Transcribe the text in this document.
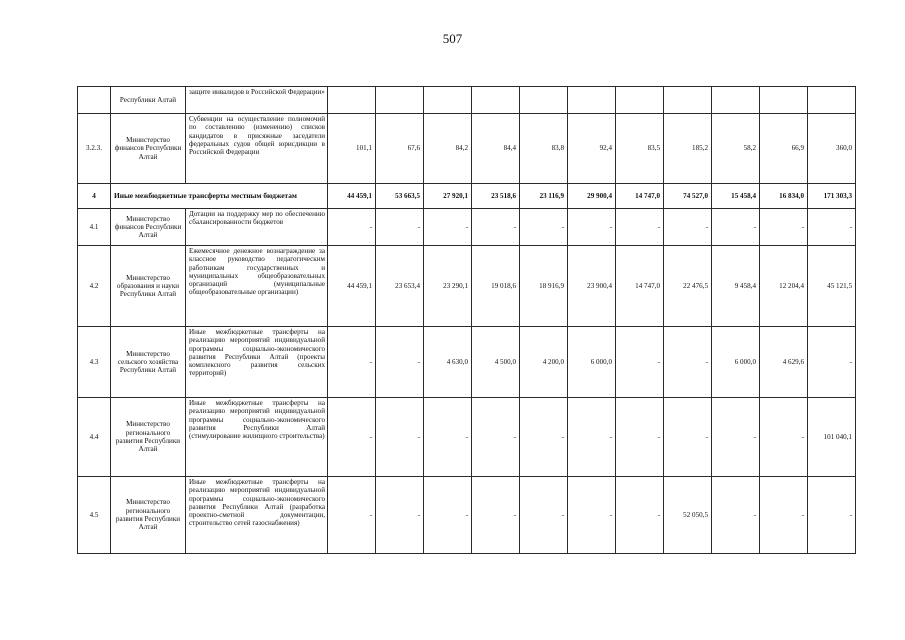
507
	Республики Алтай	защите инвалидов в Российской Федерации»											
3.2.3.	Министерство финансов Республики Алтай	Субвенции на осуществление полномочий по составлению (изменению) списков кандидатов в присяжные заседатели федеральных судов общей юрисдикции в Российской Федерации	101,1	67,6	84,2	84,4	83,8	92,4	83,5	185,2	58,2	66,9	360,0
4	Иные межбюджетные трансферты местным бюджетам		44 459,1	53 663,5	27 920,1	23 518,6	23 116,9	29 900,4	14 747,0	74 527,0	15 458,4	16 834,0	171 303,3
4.1	Министерство финансов Республики Алтай	Дотации на поддержку мер по обеспечению сбалансированности бюджетов	-	-	-	-	-	-	-	-	-	-	-
4.2	Министерство образования и науки Республики Алтай	Ежемесячное денежное вознаграждение за классное руководство педагогическим работникам государственных и муниципальных общеобразовательных организаций (муниципальные общеобразовательные организации)	44 459,1	23 653,4	23 290,1	19 018,6	18 916,9	23 900,4	14 747,0	22 476,5	9 458,4	12 204,4	45 121,5
4.3	Министерство сельского хозяйства Республики Алтай	Иные межбюджетные трансферты на реализацию мероприятий индивидуальной программы социально-экономического развития Республики Алтай (проекты комплексного развития сельских территорий)	-	-	4 630,0	4 500,0	4 200,0	6 000,0	-	-	6 000,0	4 629,6	-
4.4	Министерство регионального развития Республики Алтай	Иные межбюджетные трансферты на реализацию мероприятий индивидуальной программы социально-экономического развития Республики Алтай (стимулирование жилищного строительства)	-	-	-	-	-	-	-	-	-	-	101 040,1
4.5	Министерство регионального развития Республики Алтай	Иные межбюджетные трансферты на реализацию мероприятий индивидуальной программы социально-экономического развития Республики Алтай (разработка проектно-сметной документации, строительство сетей газоснабжения)	-	-	-	-	-	-	-	52 050,5	-	-	-
